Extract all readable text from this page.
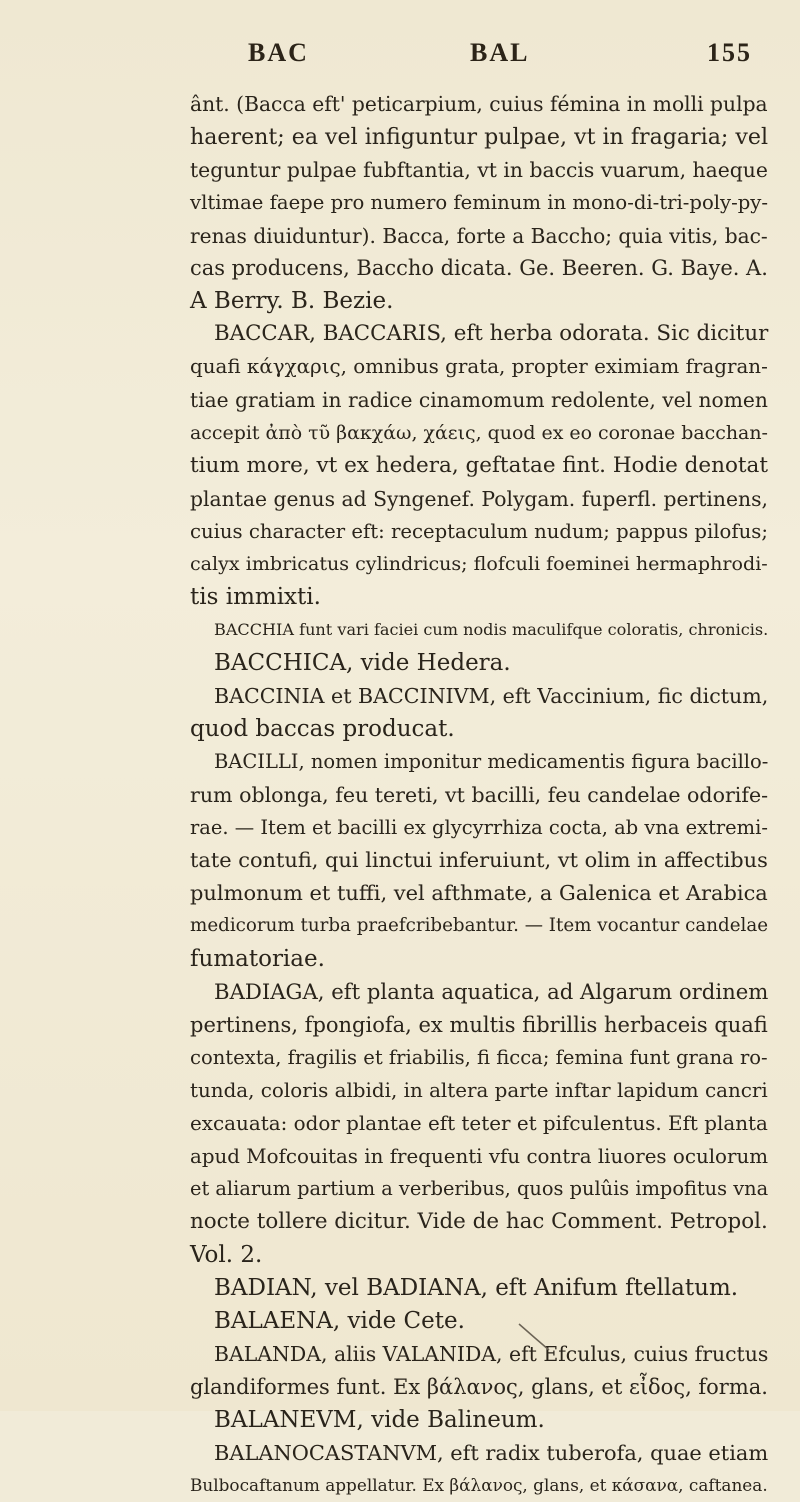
BAC	BAL	155
ânt. (Bacca eft' peticarpium, cuius fémina in molli pulpa
haerent; ea vel infiguntur pulpae, vt in fragaria; vel
teguntur pulpae fubftantia, vt in baccis vuarum, haeque
vltimae faepe pro numero feminum in mono-di-tri-poly-py-
renas diuiduntur). Bacca, forte a Baccho; quia vitis, bac-
cas producens, Baccho dicata. Ge. Beeren. G. Baye. A.
A Berry. B. Bezie.
BACCAR, BACCARIS, eft herba odorata. Sic dicitur
quafi κάγχαρις, omnibus grata, propter eximiam fragran-
tiae gratiam in radice cinamomum redolente, vel nomen
accepit ἀπὸ τῦ βακχάω, χάεις, quod ex eo coronae bacchan-
tium more, vt ex hedera, geftatae fint. Hodie denotat
plantae genus ad Syngenef. Polygam. fuperfl. pertinens,
cuius character eft: receptaculum nudum; pappus pilofus;
calyx imbricatus cylindricus; flofculi foeminei hermaphrodi-
tis immixti.
BACCHIA funt vari faciei cum nodis maculifque coloratis, chronicis.
BACCHICA, vide Hedera.
BACCINIA et BACCINIVM, eft Vaccinium, fic dictum,
quod baccas producat.
BACILLI, nomen imponitur medicamentis figura bacillo-
rum oblonga, feu tereti, vt bacilli, feu candelae odorife-
rae. — Item et bacilli ex glycyrrhiza cocta, ab vna extremi-
tate contufi, qui linctui inferuiunt, vt olim in affectibus
pulmonum et tuffi, vel afthmate, a Galenica et Arabica
medicorum turba praefcribebantur. — Item vocantur candelae
fumatoriae.
BADIAGA, eft planta aquatica, ad Algarum ordinem
pertinens, fpongiofa, ex multis fibrillis herbaceis quafi
contexta, fragilis et friabilis, fi ficca; femina funt grana ro-
tunda, coloris albidi, in altera parte inftar lapidum cancri
excauata: odor plantae eft teter et pifculentus. Eft planta
apud Mofcouitas in frequenti vfu contra liuores oculorum
et aliarum partium a verberibus, quos pulûis impofitus vna
nocte tollere dicitur. Vide de hac Comment. Petropol.
Vol. 2.
BADIAN, vel BADIANA, eft Anifum ftellatum.
BALAENA, vide Cete.
BALANDA, aliis VALANIDA, eft Efculus, cuius fructus
glandiformes funt. Ex βάλανος, glans, et εἶδος, forma.
BALANEVM, vide Balineum.
BALANOCASTANVM, eft radix tuberofa, quae etiam
Bulbocaftanum appellatur. Ex βάλανος, glans, et κάσανα, caftanea.
